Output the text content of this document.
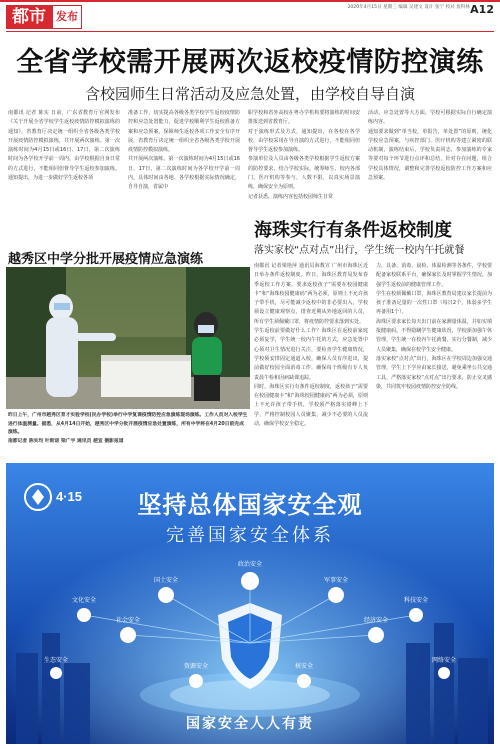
都市 发布
2020年4月15日 星期三 编辑 吴建文 设计 张宁 校对 詹科林 A12
全省学校需开展两次返校疫情防控演练
含校园师生日常活动及应急处置，由学校自导自演
南都讯 记者 陈实 日前，广东省教育厅官网发布《关于开展全省学校学生返校疫情防控模拟演练的通知》，省教育厅决定统一组织全省各级各类学校开展疫情防控模拟演练，共开展两次演练。第一次演练时间为4月15日或16日、17日，第二次演练时间为各学校开学前一周内，由学校根据自身日常的方式进行，不能相同但督导学生返校参加演练。通知提出，为进一步做好学生返校各项
准备工作，切实提高各级各类学校学生返校疫情防控和应急处置能力，促进学校顺利学生返校准备方案和应急预案，保障师生返校各项工作安全有序开展，省教育厅决定统一组织全省各级各类学校开展疫情防控模拟演练。
共开展两次演练。第一次演练时间为4月15日或16日、17日，第二次演练时间为各学校开学前一周内，具体时间由各地、各学校根据实际情况确定，自导自演，省属中
职学校和省外高校在粤办学机构要将演练的时间安排报送到省教育厅。
对于演练形式及方式，通知提出，在各校在各学校，由学校采用在导自演的方式进行，不能相同但督导学生返校参加演练。
参演单位及人员由各级各类学校根据学生返校方案的防控要求，结合学校实际，统筹师生、校内各部门、医疗机构等参与，人数不限，以真实场景演练，确保安全为原则。
记者获悉，演练内容包括校园师生日常
活动，应急处置等大方面，学校可根据实际自行确定演练内容。
通知要求做到“单当校，单报告，单处置”的原则，统化学校应急预案，与疾控部门、医疗机构等建立紧密的联动机制，演练结束后，学校负责同志，参加演练的专家等要对每个环节进行点评和总结，针对存在问题，组合学校具体情况，调整和完善学校返校防控工作方案和应急预案。
越秀区中学分批开展疫情应急演练
昨日上午，广州市越秀区育才实验学校(民办学校)举行中学复课疫情防控应急演练现场演练。工作人员对入校学生进行体温测量。据悉，从4月14日开始，越秀区中学分批开展疫情应急处置演练，所有中学将在4月20日前完成演练。
南都记者 陈实均 叶斯诺 梁广宇 通讯员 越宣 摄影报道
海珠实行有条件返校制度
落实家校“点对点”出行，学生统一校内午托就餐
南都讯 记者梁艳萍 通讯员海教宣 广州市海珠区近日举办条件返校制度。昨日，海珠区教育局发布春季返校工作方案，要求返校孩子“需要在校园健康卡”和“海珠校园健康码”两为必须，原则上不允许孩子带手机，尽可能减少返校中的非必要出入，学校须设立健康观察点，排查近期从外地返回的人员，所有学生须佩戴口罩，将疫情防控要求落到实处。
学生返校前要做好什么工作？海珠区在返校前家庭必须复学，学生统一校内午托的方式，应急处置中心须对卫生情况进行关注，要检查学生健康情况，学校须安排固定通道入校，确保人员有序进出，提前做好校园全面消毒工作，确保每个班级有专人负责晨午检和因病缺课追踪。
同时，海珠区实行有条件返校制度，返校孩子“需要在校园健康卡”和“海珠校园健康码”两为必须，原则上不允许孩子带手机，学校须严格落实错峰上下学，严格控制校园人员聚集，减少不必要的人员流动，确保学校安全稳定。
力，具备、消毒、晨检、体温检测等各条件，学校要配备家校联系平台，确保家长及时掌握学生情况，加强学生返校前的健康管理工作。
学生在校须佩戴口罩，海珠区教育局建议家长提前为孩子准备足量的一次性口罩（每日2个，体弱多学生再备用1个）。
海珠区要求家长每天出门前在家测量体温，并如实填报健康码，不得隐瞒学生健康状况，学校须加强午休管理，学生统一在校内午托就餐，实行分餐制，减少人员聚集，确保在校学生安全健康。
落实家校“点对点”出行，海珠区在学校周边加强交通管理，学生上下学应由家长接送，避免乘坐公共交通工具，严格落实家校“点对点”出行要求，防止交叉感染，共同筑牢校园疫情防控安全防线。
4·15	坚持总体国家安全观
完善国家安全体系
政治安全
国土安全	军事安全
文化安全
社会安全	经济安全
科技安全
网络安全
生态安全
资源安全	核安全
国家安全人人有责
